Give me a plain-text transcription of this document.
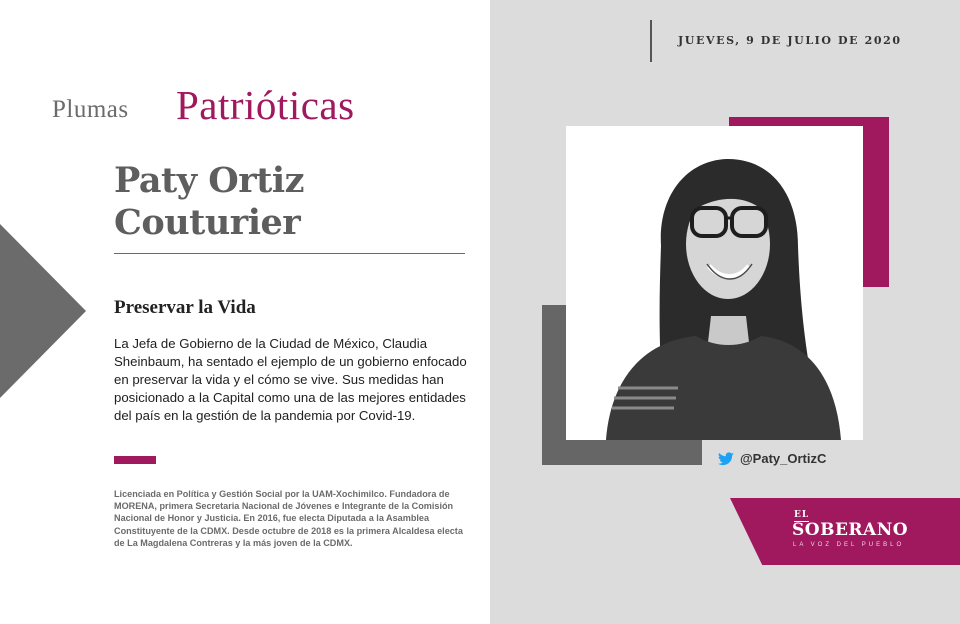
Plumas Patrióticas
Paty Ortiz
Couturier
Preservar la Vida
La Jefa de Gobierno de la Ciudad de México, Claudia Sheinbaum, ha sentado el ejemplo de un gobierno enfocado en preservar la vida y el cómo se vive. Sus medidas han posicionado a la Capital como una de las mejores entidades del país en la gestión de la pandemia por Covid-19.
Licenciada en Política y Gestión Social por la UAM-Xochimilco. Fundadora de MORENA, primera Secretaria Nacional de Jóvenes e Integrante de la Comisión Nacional de Honor y Justicia. En 2016, fue electa Diputada a la Asamblea Constituyente de la CDMX. Desde octubre de 2018 es la primera Alcaldesa electa de La Magdalena Contreras y la más joven de la CDMX.
JUEVES, 9 DE JULIO DE 2020
@Paty_OrtizC
EL
SOBERANO
LA VOZ DEL PUEBLO
